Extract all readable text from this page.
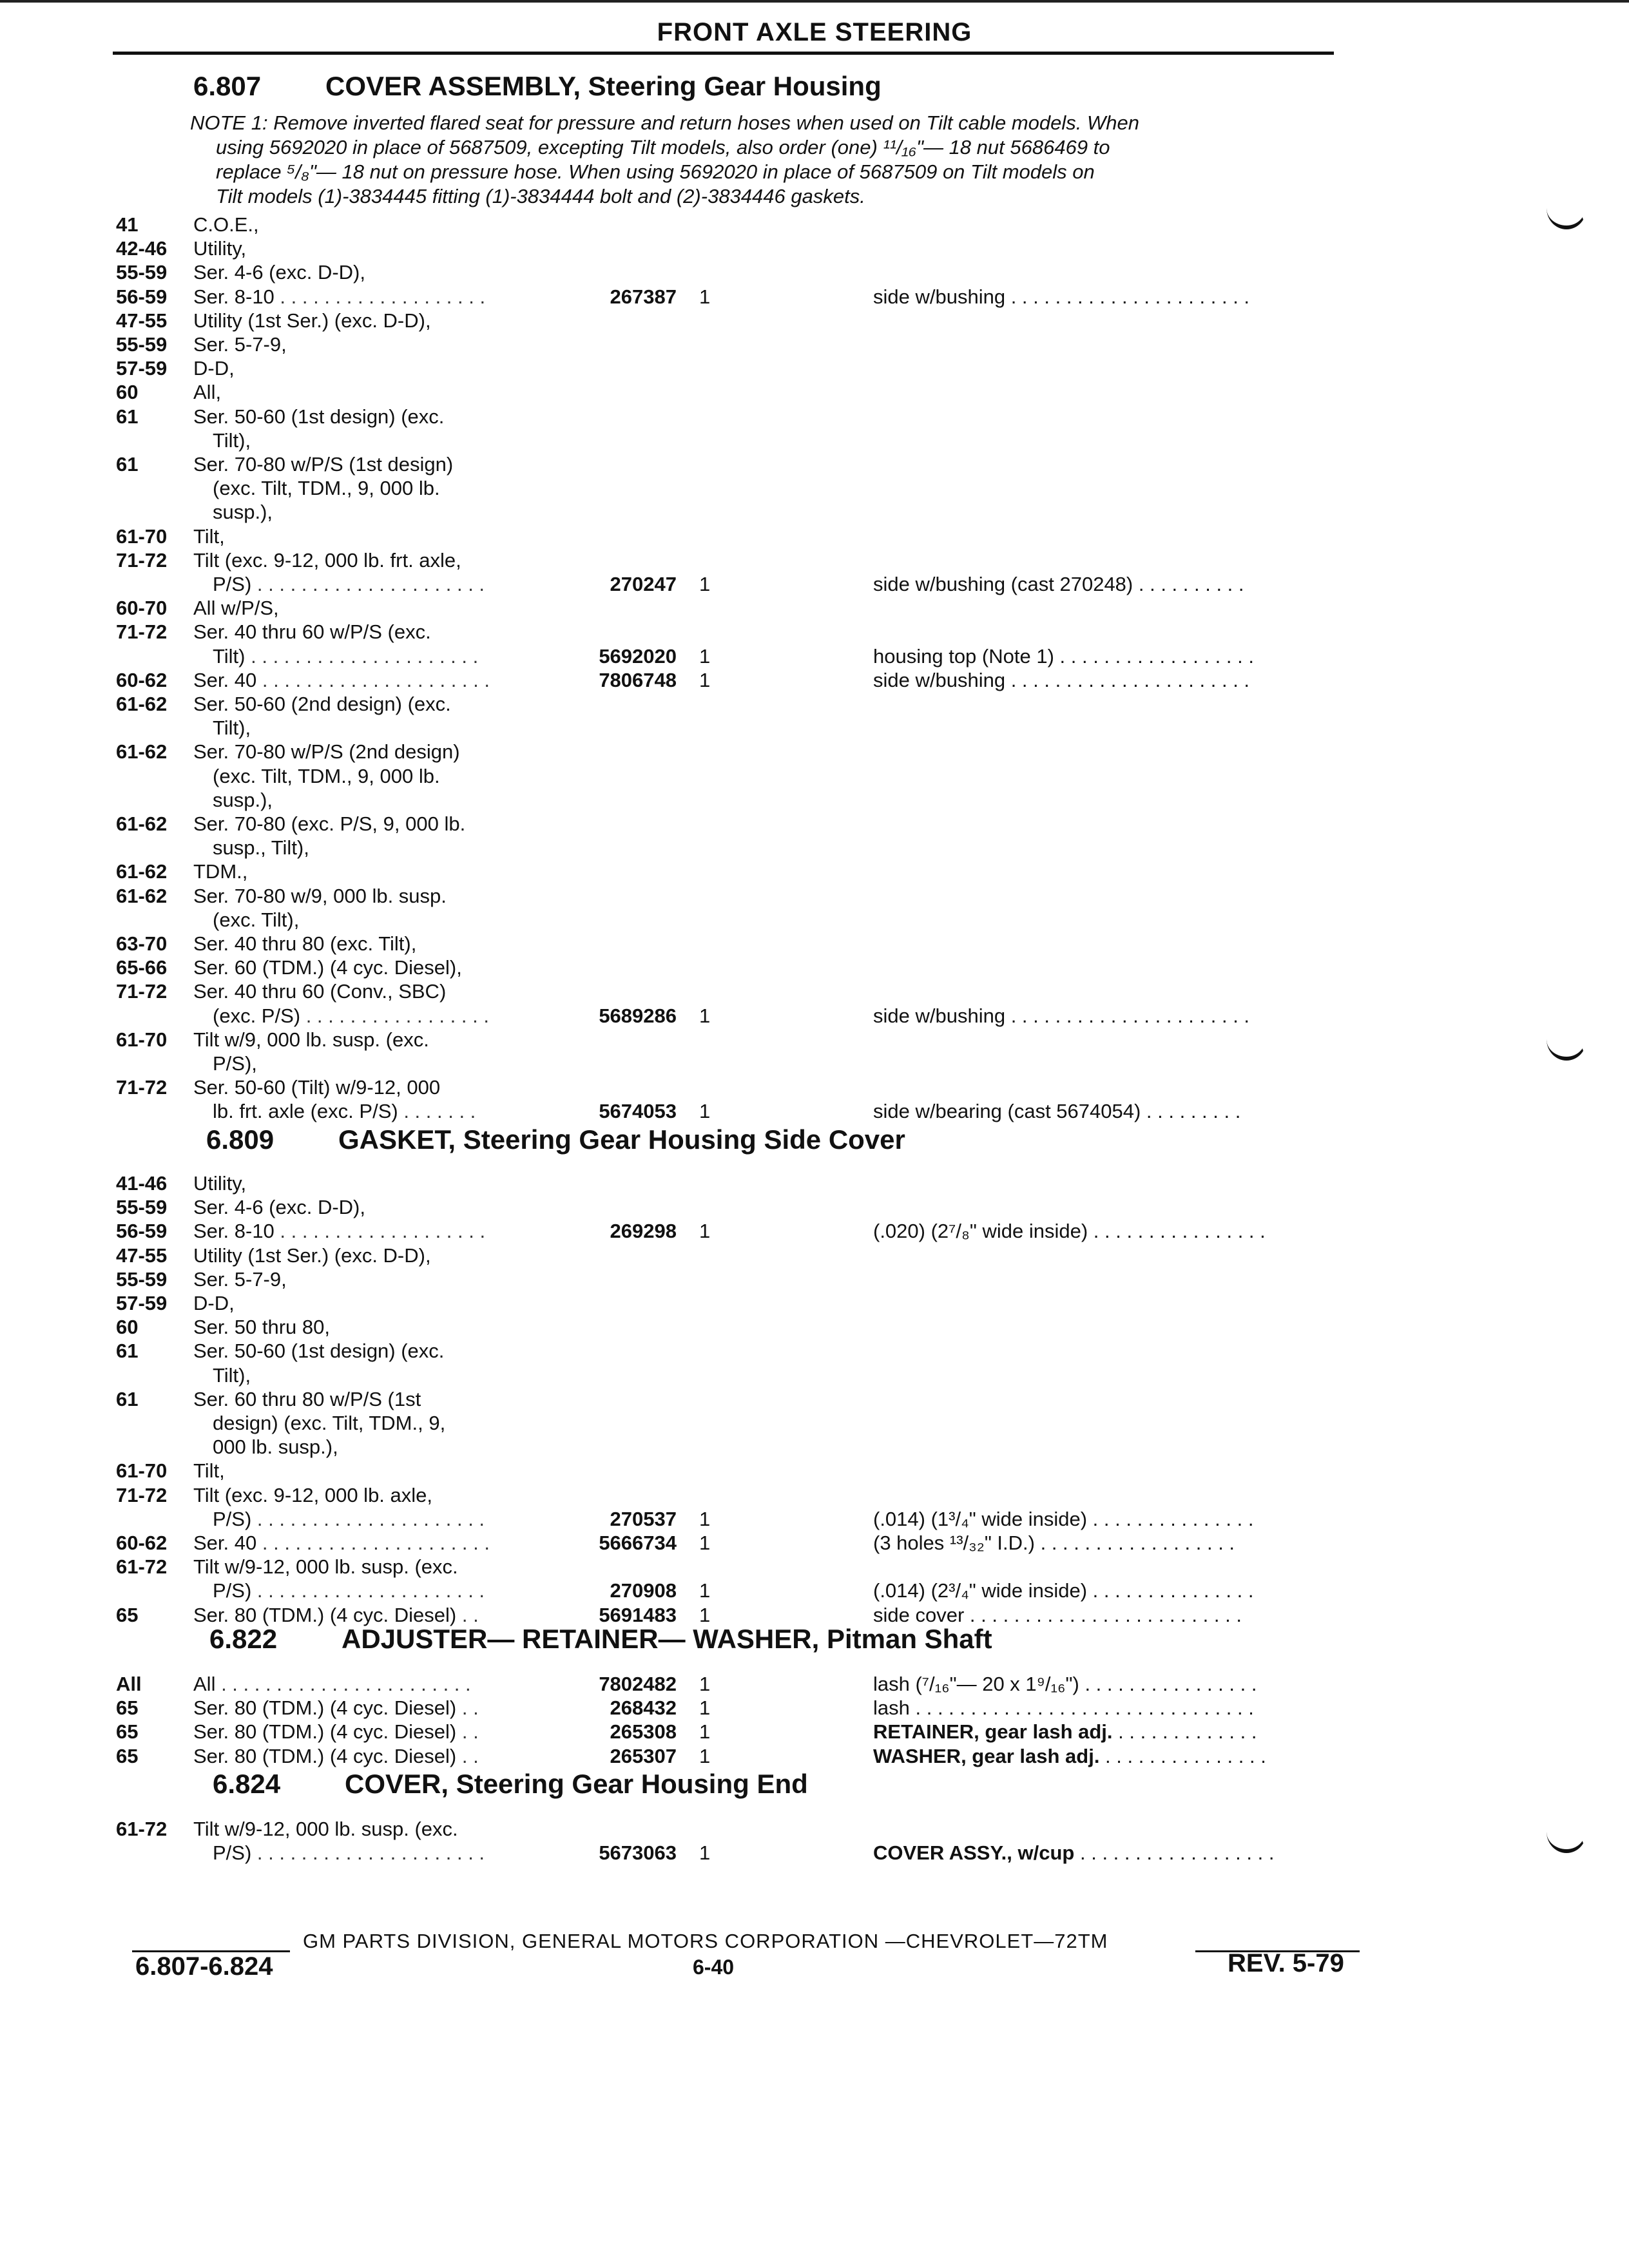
FRONT AXLE STEERING
6.807 COVER ASSEMBLY, Steering Gear Housing
NOTE 1: Remove inverted flared seat for pressure and return hoses when used on Tilt cable models. When
using 5692020 in place of 5687509, excepting Tilt models, also order (one) ¹¹/₁₆"— 18 nut 5686469 to
replace ⁵/₈"— 18 nut on pressure hose. When using 5692020 in place of 5687509 on Tilt models on
Tilt models (1)-3834445 fitting (1)-3834444 bolt and (2)-3834446 gaskets.
41	C.O.E.,
42-46 Utility,
55-59 Ser. 4-6 (exc. D-D),
56-59 Ser. 8-10 . . . . . . . . . . . . . . . . . . .	267387 1	side w/bushing . . . . . . . . . . . . . . . . . . . . . .
47-55 Utility (1st Ser.) (exc. D-D),
55-59 Ser. 5-7-9,
57-59 D-D,
60	All,
61	Ser. 50-60 (1st design) (exc.
Tilt),
61	Ser. 70-80 w/P/S (1st design)
(exc. Tilt, TDM., 9, 000 lb.
susp.),
61-70 Tilt,
71-72 Tilt (exc. 9-12, 000 lb. frt. axle,
P/S) . . . . . . . . . . . . . . . . . . . . .	270247 1	side w/bushing (cast 270248) . . . . . . . . . .
60-70 All w/P/S,
71-72 Ser. 40 thru 60 w/P/S (exc.
Tilt) . . . . . . . . . . . . . . . . . . . . .	5692020 1	housing top (Note 1) . . . . . . . . . . . . . . . . . .
60-62 Ser. 40 . . . . . . . . . . . . . . . . . . . . .	7806748 1	side w/bushing . . . . . . . . . . . . . . . . . . . . . .
61-62 Ser. 50-60 (2nd design) (exc.
Tilt),
61-62 Ser. 70-80 w/P/S (2nd design)
(exc. Tilt, TDM., 9, 000 lb.
susp.),
61-62 Ser. 70-80 (exc. P/S, 9, 000 lb.
susp., Tilt),
61-62 TDM.,
61-62 Ser. 70-80 w/9, 000 lb. susp.
(exc. Tilt),
63-70 Ser. 40 thru 80 (exc. Tilt),
65-66 Ser. 60 (TDM.) (4 cyc. Diesel),
71-72 Ser. 40 thru 60 (Conv., SBC)
(exc. P/S) . . . . . . . . . . . . . . . . .	5689286 1	side w/bushing . . . . . . . . . . . . . . . . . . . . . .
61-70 Tilt w/9, 000 lb. susp. (exc.
P/S),
71-72 Ser. 50-60 (Tilt) w/9-12, 000
lb. frt. axle (exc. P/S) . . . . . . .	5674053 1	side w/bearing (cast 5674054) . . . . . . . . .
6.809 GASKET, Steering Gear Housing Side Cover
41-46 Utility,
55-59 Ser. 4-6 (exc. D-D),
56-59 Ser. 8-10 . . . . . . . . . . . . . . . . . . .	269298 1	(.020) (2⁷/₈" wide inside) . . . . . . . . . . . . . . . .
47-55 Utility (1st Ser.) (exc. D-D),
55-59 Ser. 5-7-9,
57-59 D-D,
60	Ser. 50 thru 80,
61	Ser. 50-60 (1st design) (exc.
Tilt),
61	Ser. 60 thru 80 w/P/S (1st
design) (exc. Tilt, TDM., 9,
000 lb. susp.),
61-70 Tilt,
71-72 Tilt (exc. 9-12, 000 lb. axle,
P/S) . . . . . . . . . . . . . . . . . . . . .	270537 1	(.014) (1³/₄" wide inside) . . . . . . . . . . . . . . .
60-62 Ser. 40 . . . . . . . . . . . . . . . . . . . . .	5666734 1	(3 holes ¹³/₃₂" I.D.) . . . . . . . . . . . . . . . . . .
61-72 Tilt w/9-12, 000 lb. susp. (exc.
P/S) . . . . . . . . . . . . . . . . . . . . .	270908 1	(.014) (2³/₄" wide inside) . . . . . . . . . . . . . . .
65	Ser. 80 (TDM.) (4 cyc. Diesel) . .	5691483 1	side cover . . . . . . . . . . . . . . . . . . . . . . . . .
6.822 ADJUSTER— RETAINER— WASHER, Pitman Shaft
All	All . . . . . . . . . . . . . . . . . . . . . . .	7802482 1	lash (⁷/₁₆"— 20 x 1⁹/₁₆") . . . . . . . . . . . . . . . .
65	Ser. 80 (TDM.) (4 cyc. Diesel) . .	268432 1	lash . . . . . . . . . . . . . . . . . . . . . . . . . . . . . . .
65	Ser. 80 (TDM.) (4 cyc. Diesel) . .	265308 1	RETAINER, gear lash adj. . . . . . . . . . . . . .
65	Ser. 80 (TDM.) (4 cyc. Diesel) . .	265307 1	WASHER, gear lash adj. . . . . . . . . . . . . . . .
6.824 COVER, Steering Gear Housing End
61-72 Tilt w/9-12, 000 lb. susp. (exc.
P/S) . . . . . . . . . . . . . . . . . . . . .	5673063 1	COVER ASSY., w/cup . . . . . . . . . . . . . . . . . .
GM PARTS DIVISION, GENERAL MOTORS CORPORATION —CHEVROLET—72TM
6.807-6.824	6-40	REV. 5-79
